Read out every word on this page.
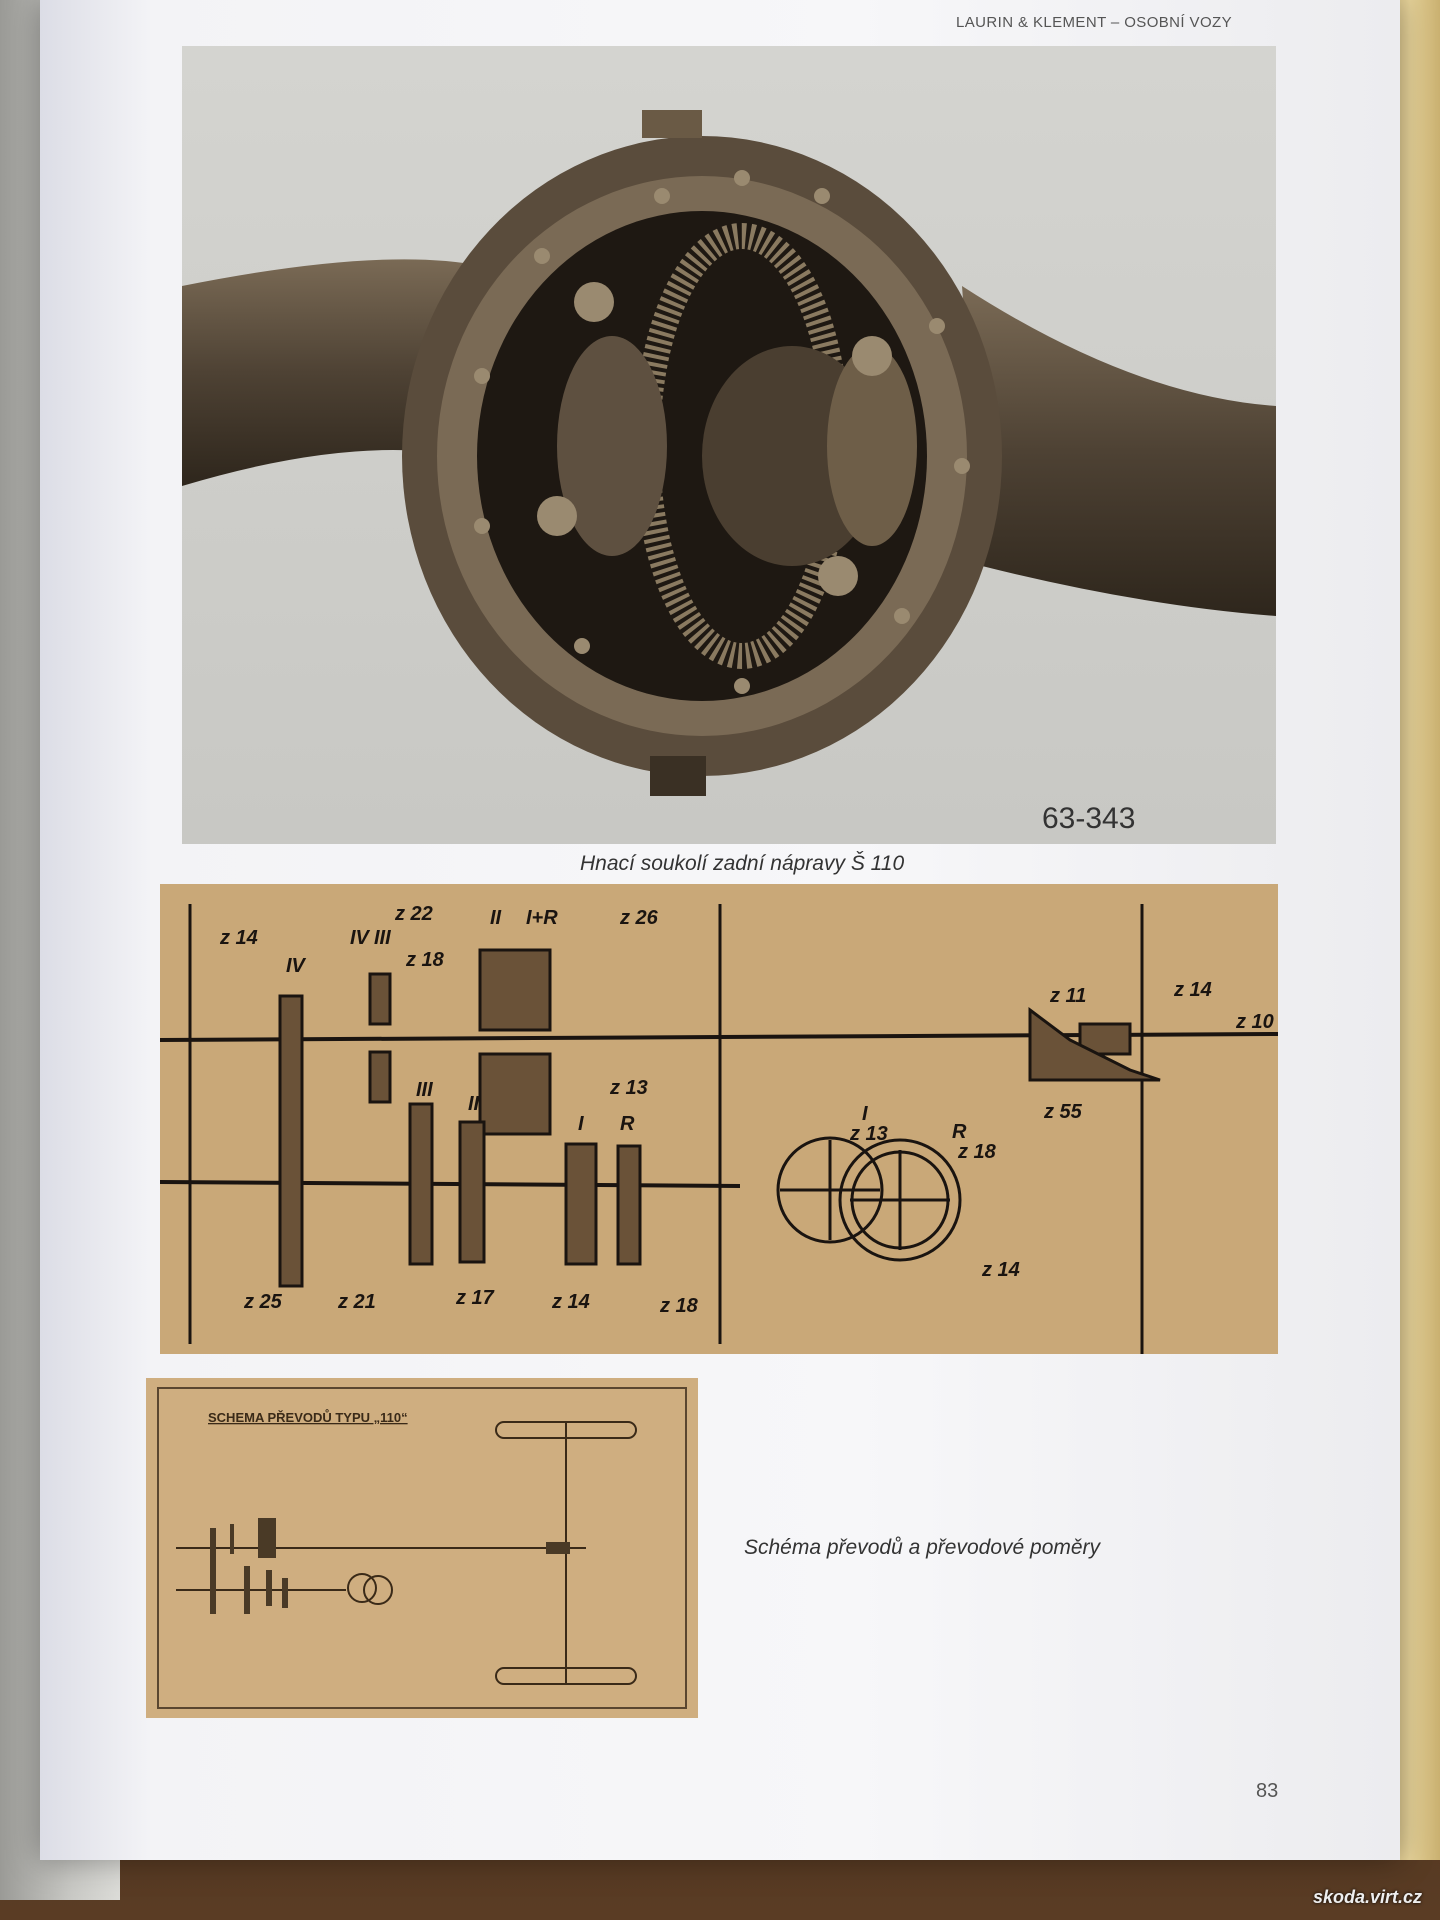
LAURIN & KLEMENT – OSOBNÍ VOZY
63-343
Hnací soukolí zadní nápravy Š 110
z 22
z 14
IV
IV III
z 18
II I+R	z 26
z 11	z 14
z 10
z 13
III
II
I R
z 55
I
z 13	R
z 18
z 25	z 21	z 17	z 14	z 18
z 14
SCHEMA PŘEVODŮ TYPU „110“
Schéma převodů a převodové poměry
83
skoda.virt.cz
